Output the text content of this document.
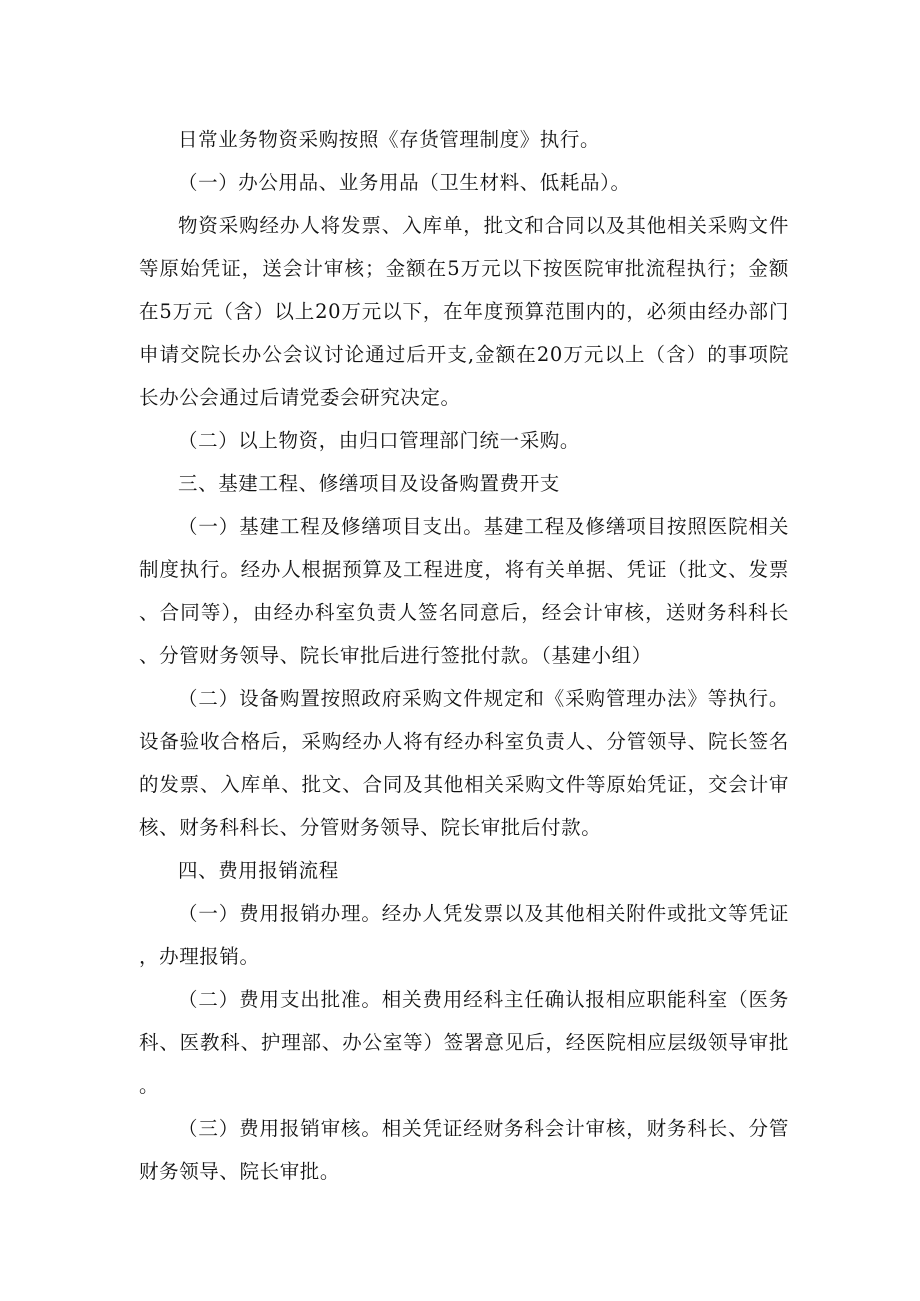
日常业务物资采购按照《存货管理制度》执行。

（一）办公用品、业务用品（卫生材料、低耗品）。

物资采购经办人将发票、入库单，批文和合同以及其他相关采购文件等原始凭证，送会计审核；金额在5万元以下按医院审批流程执行；金额在5万元（含）以上20万元以下，在年度预算范围内的，必须由经办部门申请交院长办公会议讨论通过后开支,金额在20万元以上（含）的事项院长办公会通过后请党委会研究决定。

（二）以上物资，由归口管理部门统一采购。

三、基建工程、修缮项目及设备购置费开支

（一）基建工程及修缮项目支出。基建工程及修缮项目按照医院相关制度执行。经办人根据预算及工程进度，将有关单据、凭证（批文、发票、合同等），由经办科室负责人签名同意后，经会计审核，送财务科科长、分管财务领导、院长审批后进行签批付款。（基建小组）

（二）设备购置按照政府采购文件规定和《采购管理办法》等执行。设备验收合格后，采购经办人将有经办科室负责人、分管领导、院长签名的发票、入库单、批文、合同及其他相关采购文件等原始凭证，交会计审核、财务科科长、分管财务领导、院长审批后付款。

四、费用报销流程

（一）费用报销办理。经办人凭发票以及其他相关附件或批文等凭证，办理报销。

（二）费用支出批准。相关费用经科主任确认报相应职能科室（医务科、医教科、护理部、办公室等）签署意见后，经医院相应层级领导审批。

（三）费用报销审核。相关凭证经财务科会计审核，财务科长、分管财务领导、院长审批。
